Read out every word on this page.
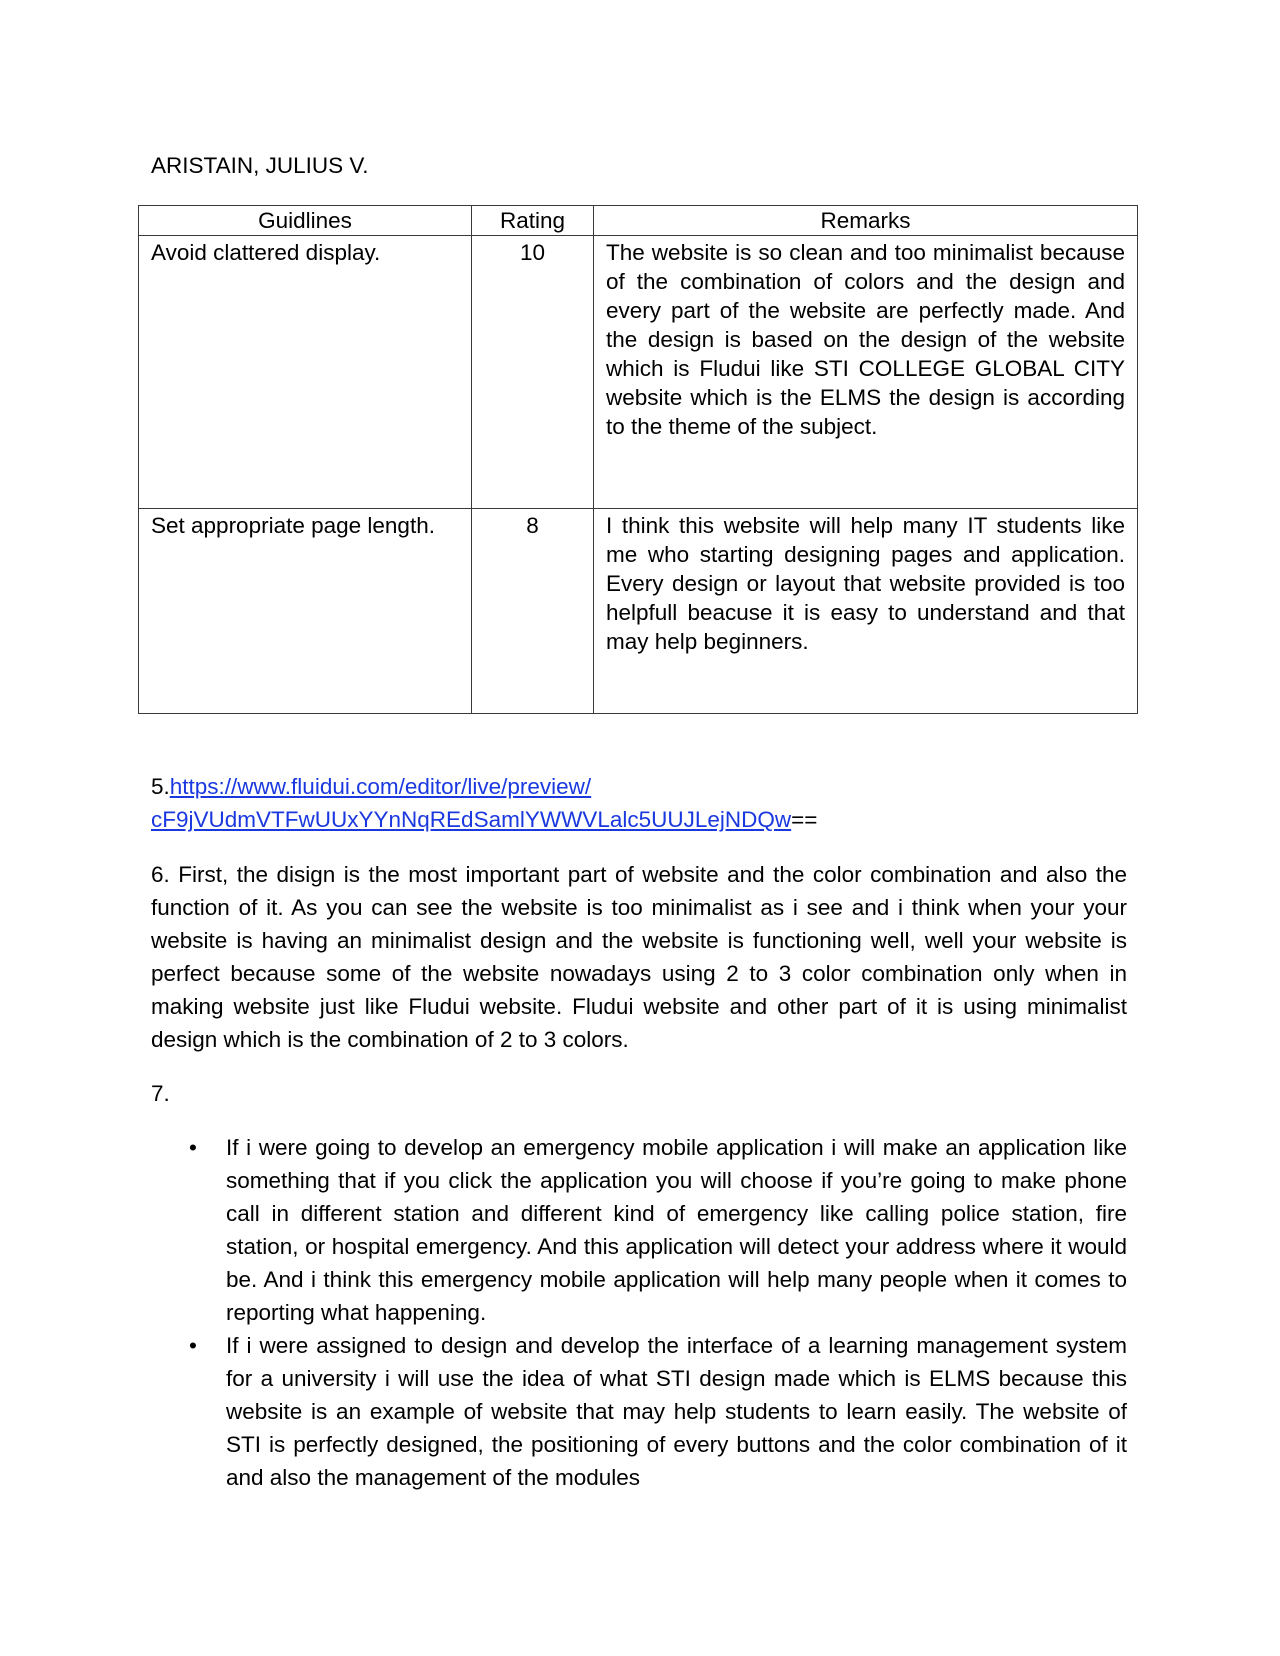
ARISTAIN, JULIUS V.
Guidlines	Rating	Remarks
Avoid clattered display.	10	The website is so clean and too minimalist because of the combination of colors and the design and every part of the website are perfectly made. And the design is based on the design of the website which is Fludui like STI COLLEGE GLOBAL CITY website which is the ELMS the design is according to the theme of the subject.
Set appropriate page length.	8	I think this website will help many IT students like me who starting designing pages and application. Every design or layout that website provided is too helpfull beacuse it is easy to understand and that may help beginners.
5.https://www.fluidui.com/editor/live/preview/
cF9jVUdmVTFwUUxYYnNqREdSamlYWWVLalc5UUJLejNDQw==
6. First, the disign is the most important part of website and the color combination and also the function of it. As you can see the website is too minimalist as i see and i think when your your website is having an minimalist design and the website is functioning well, well your website is perfect because some of the website nowadays using 2 to 3 color combination only when in making website just like Fludui website. Fludui website and other part of it is using minimalist design which is the combination of 2 to 3 colors.
7.
• If i were going to develop an emergency mobile application i will make an application like something that if you click the application you will choose if you’re going to make phone call in different station and different kind of emergency like calling police station, fire station, or hospital emergency. And this application will detect your address where it would be. And i think this emergency mobile application will help many people when it comes to reporting what happening.
• If i were assigned to design and develop the interface of a learning management system for a university i will use the idea of what STI design made which is ELMS because this website is an example of website that may help students to learn easily. The website of STI is perfectly designed, the positioning of every buttons and the color combination of it and also the management of the modules
